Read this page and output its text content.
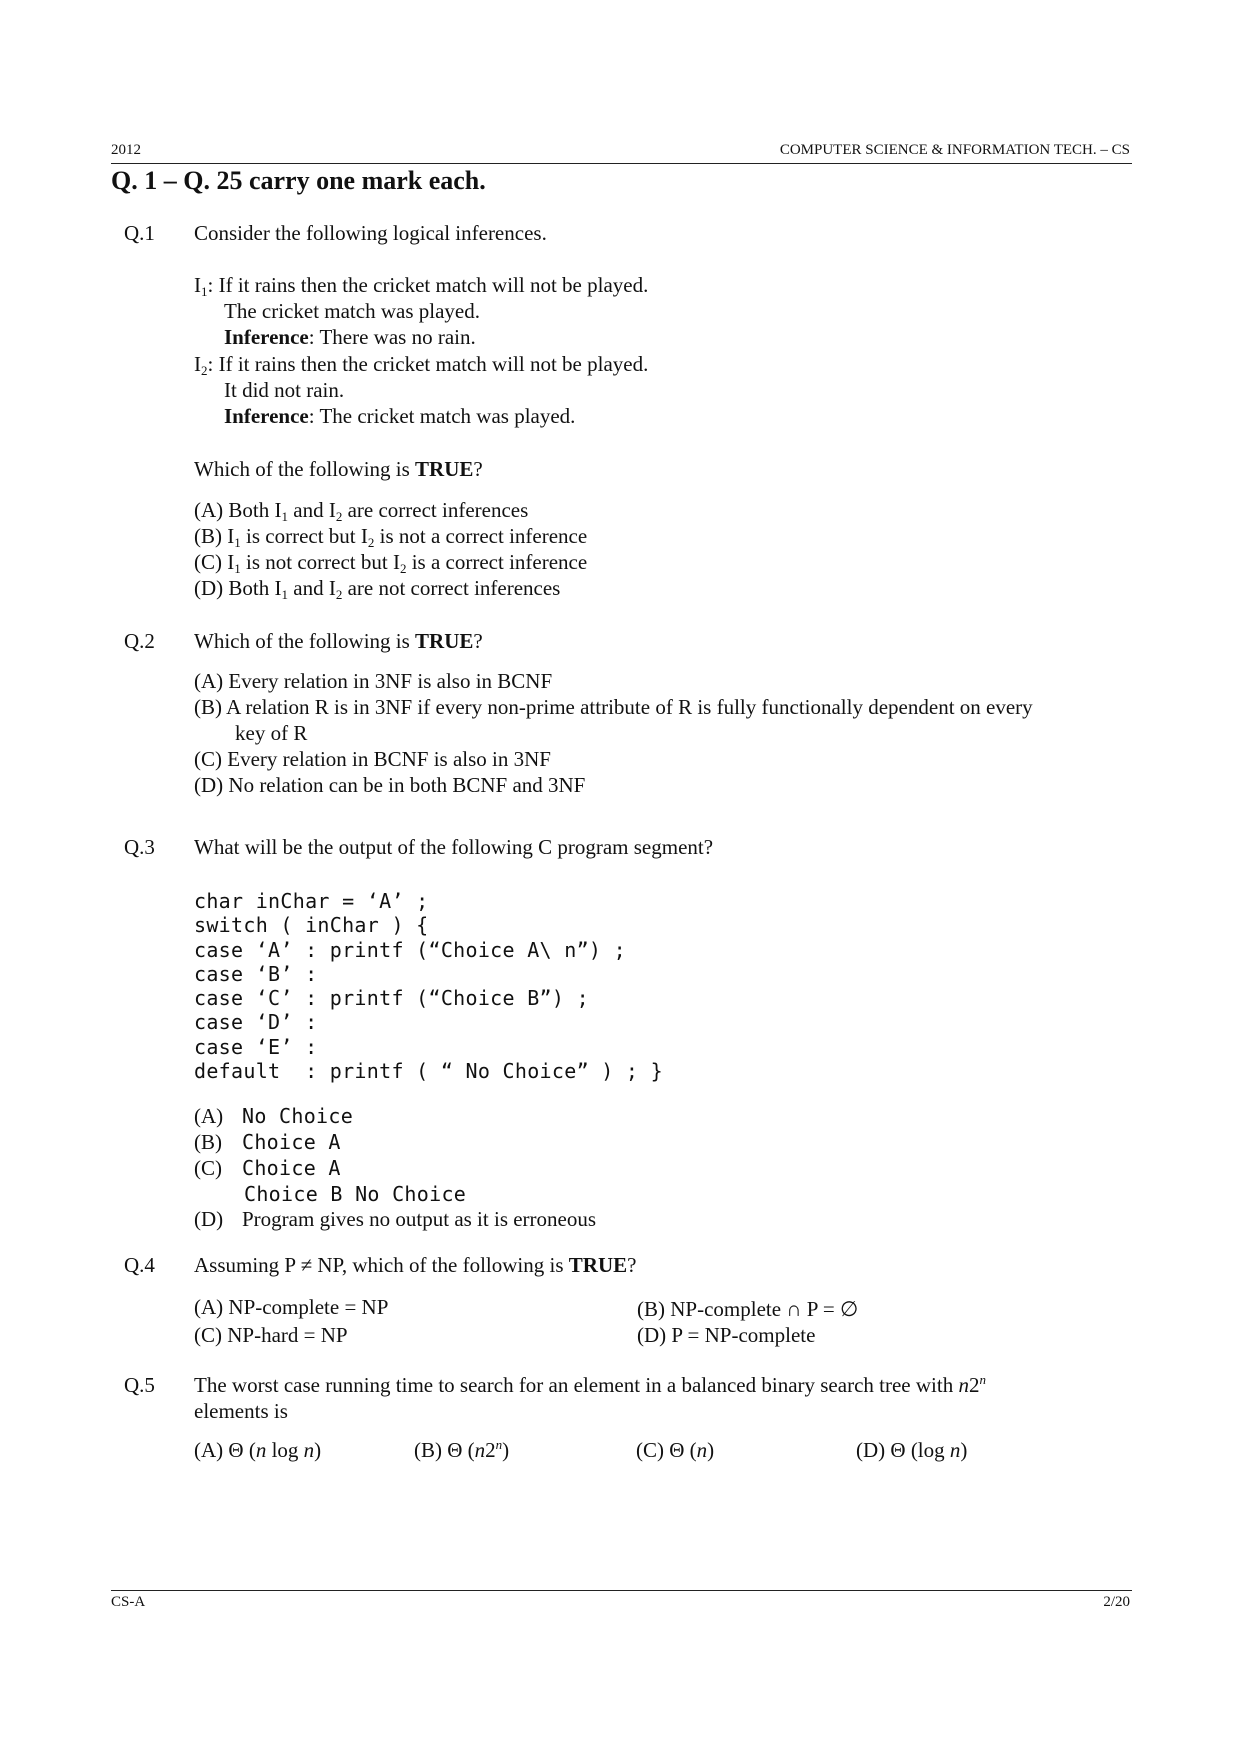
2012	COMPUTER SCIENCE & INFORMATION TECH. – CS
Q. 1 – Q. 25 carry one mark each.
Q.1 Consider the following logical inferences.
$I_1$: If it rains then the cricket match will not be played.
The cricket match was played.
Inference: There was no rain.
$I_2$: If it rains then the cricket match will not be played.
It did not rain.
Inference: The cricket match was played.
Which of the following is TRUE?
(A) Both $I_1$ and $I_2$ are correct inferences
(B) $I_1$ is correct but $I_2$ is not a correct inference
(C) $I_1$ is not correct but $I_2$ is a correct inference
(D) Both $I_1$ and $I_2$ are not correct inferences
Q.2 Which of the following is TRUE?
(A) Every relation in 3NF is also in BCNF
(B) A relation R is in 3NF if every non-prime attribute of R is fully functionally dependent on every
key of R
(C) Every relation in BCNF is also in 3NF
(D) No relation can be in both BCNF and 3NF
Q.3 What will be the output of the following C program segment?
char inChar = ‘A’ ;
switch ( inChar ) {
case ‘A’ : printf (“Choice A\ n”) ;
case ‘B’ :
case ‘C’ : printf (“Choice B”) ;
case ‘D’ :
case ‘E’ :
default  : printf ( “ No Choice” ) ; }
(A) No Choice
(B) Choice A
(C) Choice A
Choice B No Choice
(D) Program gives no output as it is erroneous
Q.4 Assuming P ≠ NP, which of the following is TRUE?
(A) NP-complete = NP	(B) NP-complete ∩ P = ∅
(C) NP-hard = NP	(D) P = NP-complete
Q.5 The worst case running time to search for an element in a balanced binary search tree with n2$^n$
elements is
(A) Θ (n log n)	(B) Θ (n2$^n$)	(C) Θ (n)	(D) Θ (log n)
CS-A	2/20
